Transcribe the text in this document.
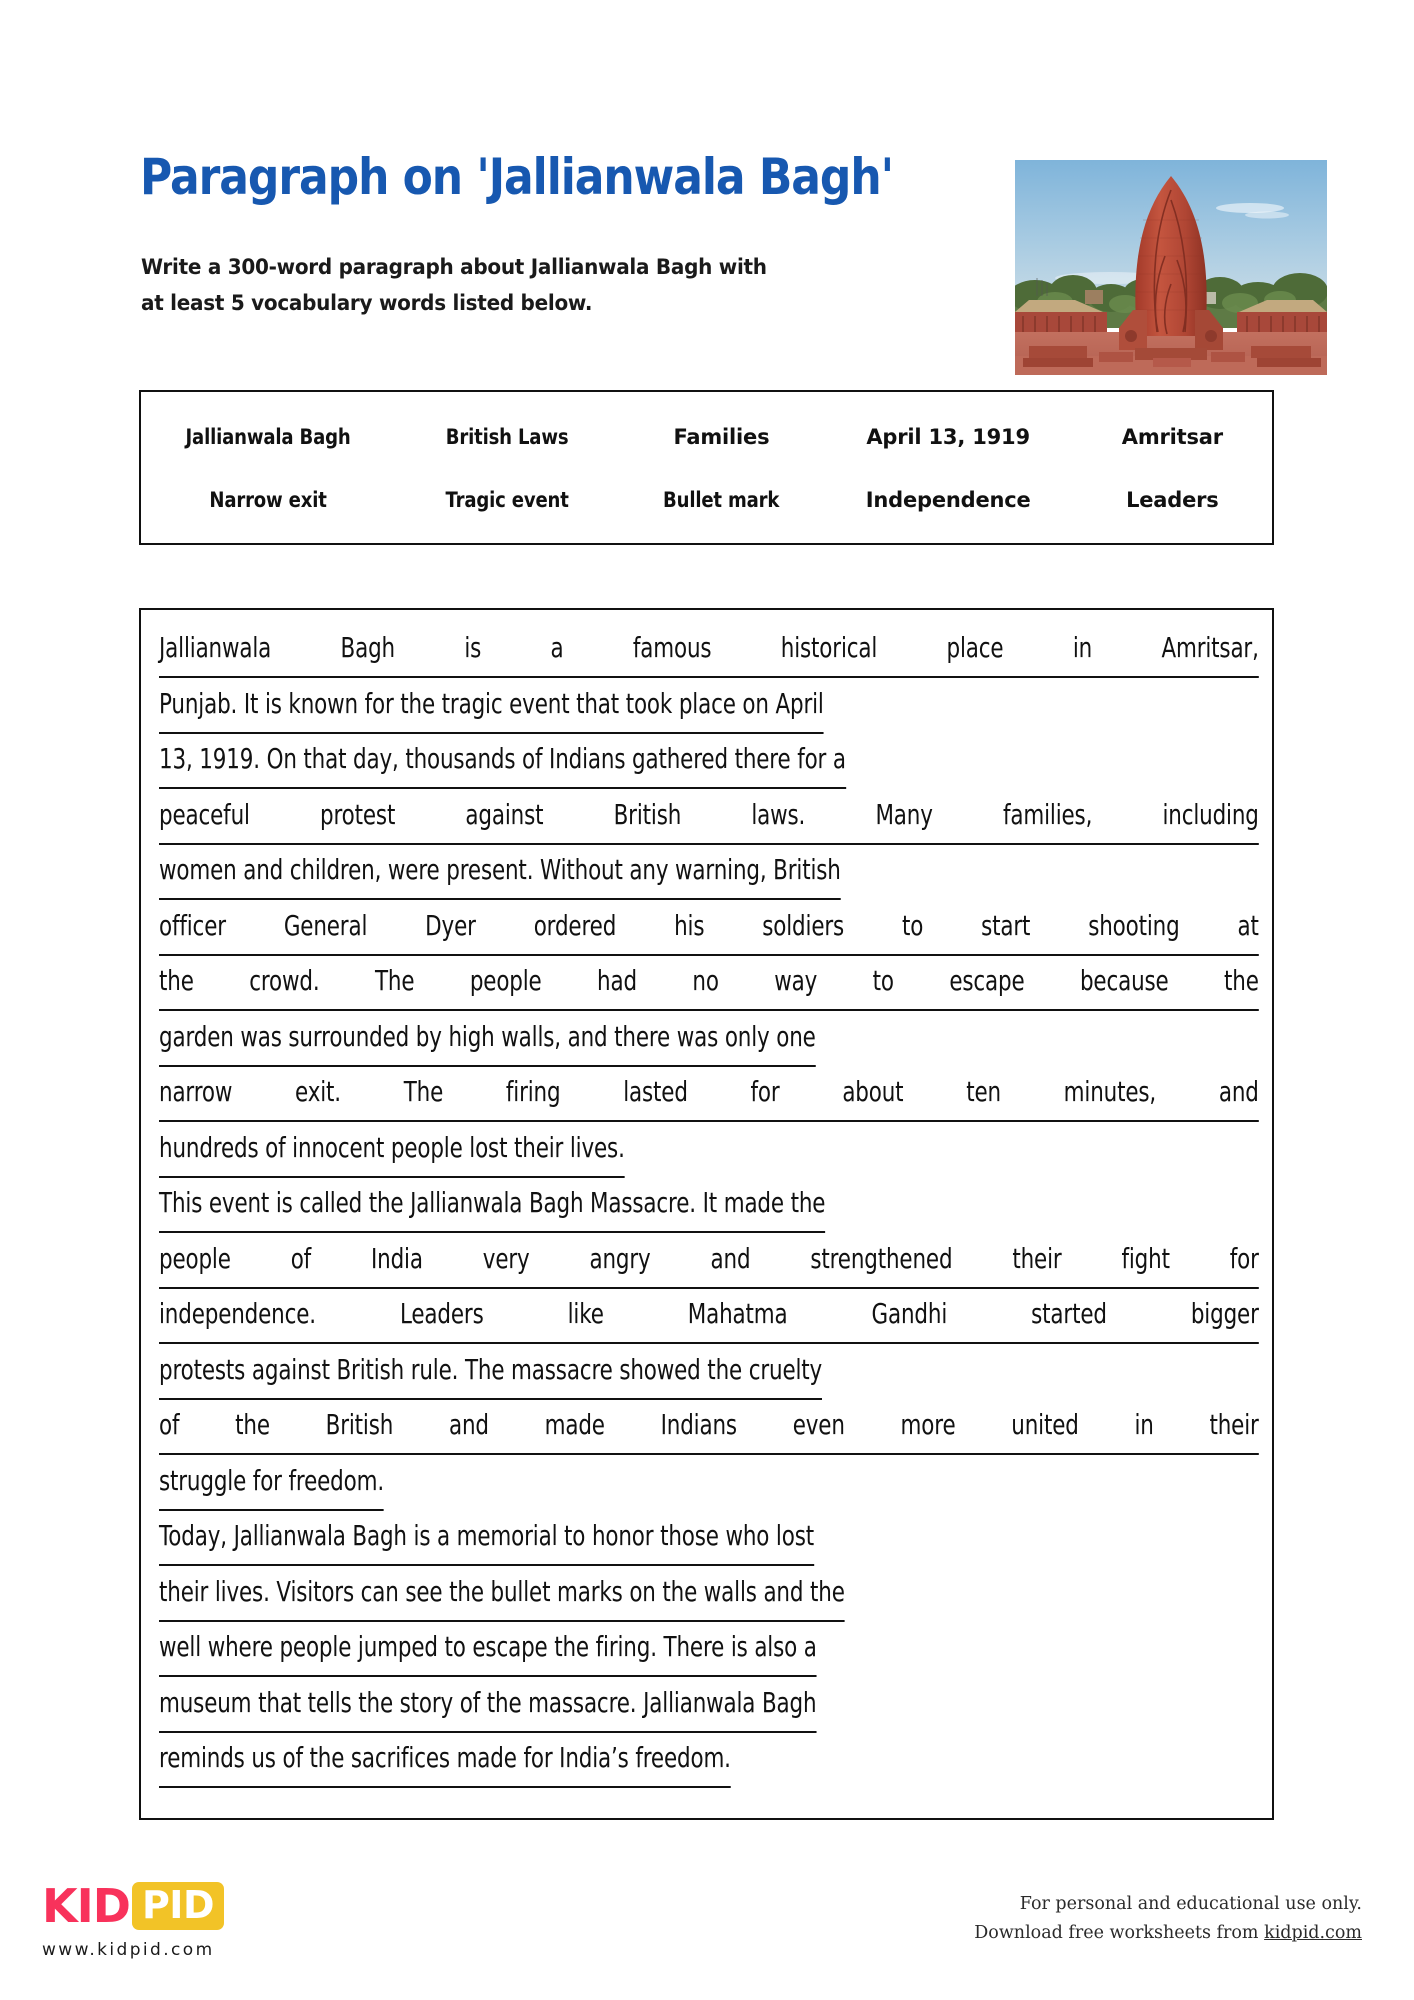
Paragraph on 'Jallianwala Bagh'
Write a 300-word paragraph about Jallianwala Bagh with
at least 5 vocabulary words listed below.
Jallianwala Bagh	British Laws	Families	April 13, 1919	Amritsar
Narrow exit	Tragic event	Bullet mark	Independence	Leaders
Jallianwala	Bagh	is	a	famous	historical	place	in	Amritsar,
Punjab. It is known for the tragic event that took place on April
13, 1919. On that day, thousands of Indians gathered there for a
peaceful	protest	against	British	laws.	Many	families,	including
women and children, were present. Without any warning, British
officer General Dyer ordered his soldiers to start shooting at
the crowd. The people had no way to escape because the
garden was surrounded by high walls, and there was only one
narrow exit. The firing lasted for about ten minutes, and
hundreds of innocent people lost their lives.
This event is called the Jallianwala Bagh Massacre. It made the
people of India very angry and strengthened their fight for
independence.	Leaders	like	Mahatma	Gandhi	started	bigger
protests against British rule. The massacre showed the cruelty
of the British and made Indians even more united in their
struggle for freedom.
Today, Jallianwala Bagh is a memorial to honor those who lost
their lives. Visitors can see the bullet marks on the walls and the
well where people jumped to escape the firing. There is also a
museum that tells the story of the massacre. Jallianwala Bagh
reminds us of the sacrifices made for India’s freedom.
KID PID
www.kidpid.com
For personal and educational use only.
Download free worksheets from kidpid.com
